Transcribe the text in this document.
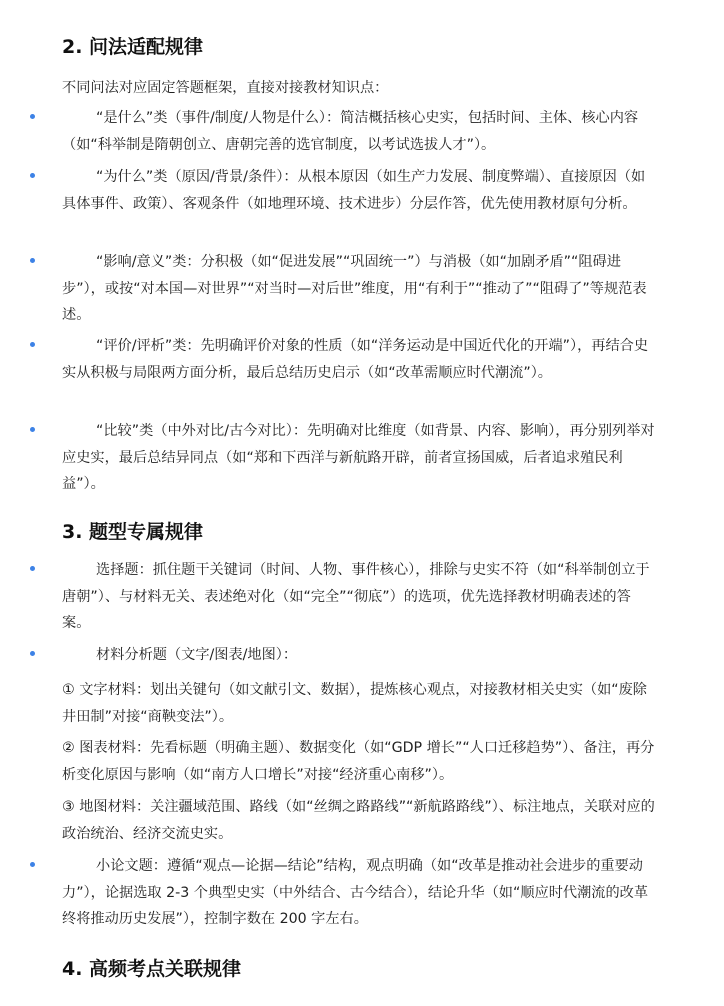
2. 问法适配规律
不同问法对应固定答题框架，直接对接教材知识点：
“是什么”类（事件/制度/人物是什么）：简洁概括核心史实，包括时间、主体、核心内容（如“科举制是隋朝创立、唐朝完善的选官制度，以考试选拔人才”）。
“为什么”类（原因/背景/条件）：从根本原因（如生产力发展、制度弊端）、直接原因（如具体事件、政策）、客观条件（如地理环境、技术进步）分层作答，优先使用教材原句分析。
“影响/意义”类：分积极（如“促进发展”“巩固统一”）与消极（如“加剧矛盾”“阻碍进步”），或按“对本国—对世界”“对当时—对后世”维度，用“有利于”“推动了”“阻碍了”等规范表述。
“评价/评析”类：先明确评价对象的性质（如“洋务运动是中国近代化的开端”），再结合史实从积极与局限两方面分析，最后总结历史启示（如“改革需顺应时代潮流”）。
“比较”类（中外对比/古今对比）：先明确对比维度（如背景、内容、影响），再分别列举对应史实，最后总结异同点（如“郑和下西洋与新航路开辟，前者宣扬国威，后者追求殖民利益”）。
3. 题型专属规律
选择题：抓住题干关键词（时间、人物、事件核心），排除与史实不符（如“科举制创立于唐朝”）、与材料无关、表述绝对化（如“完全”“彻底”）的选项，优先选择教材明确表述的答案。
材料分析题（文字/图表/地图）：
① 文字材料：划出关键句（如文献引文、数据），提炼核心观点，对接教材相关史实（如“废除井田制”对接“商鞅变法”）。
② 图表材料：先看标题（明确主题）、数据变化（如“GDP 增长”“人口迁移趋势”）、备注，再分析变化原因与影响（如“南方人口增长”对接“经济重心南移”）。
③ 地图材料：关注疆域范围、路线（如“丝绸之路路线”“新航路路线”）、标注地点，关联对应的政治统治、经济交流史实。
小论文题：遵循“观点—论据—结论”结构，观点明确（如“改革是推动社会进步的重要动力”），论据选取 2-3 个典型史实（中外结合、古今结合），结论升华（如“顺应时代潮流的改革终将推动历史发展”），控制字数在 200 字左右。
4. 高频考点关联规律
